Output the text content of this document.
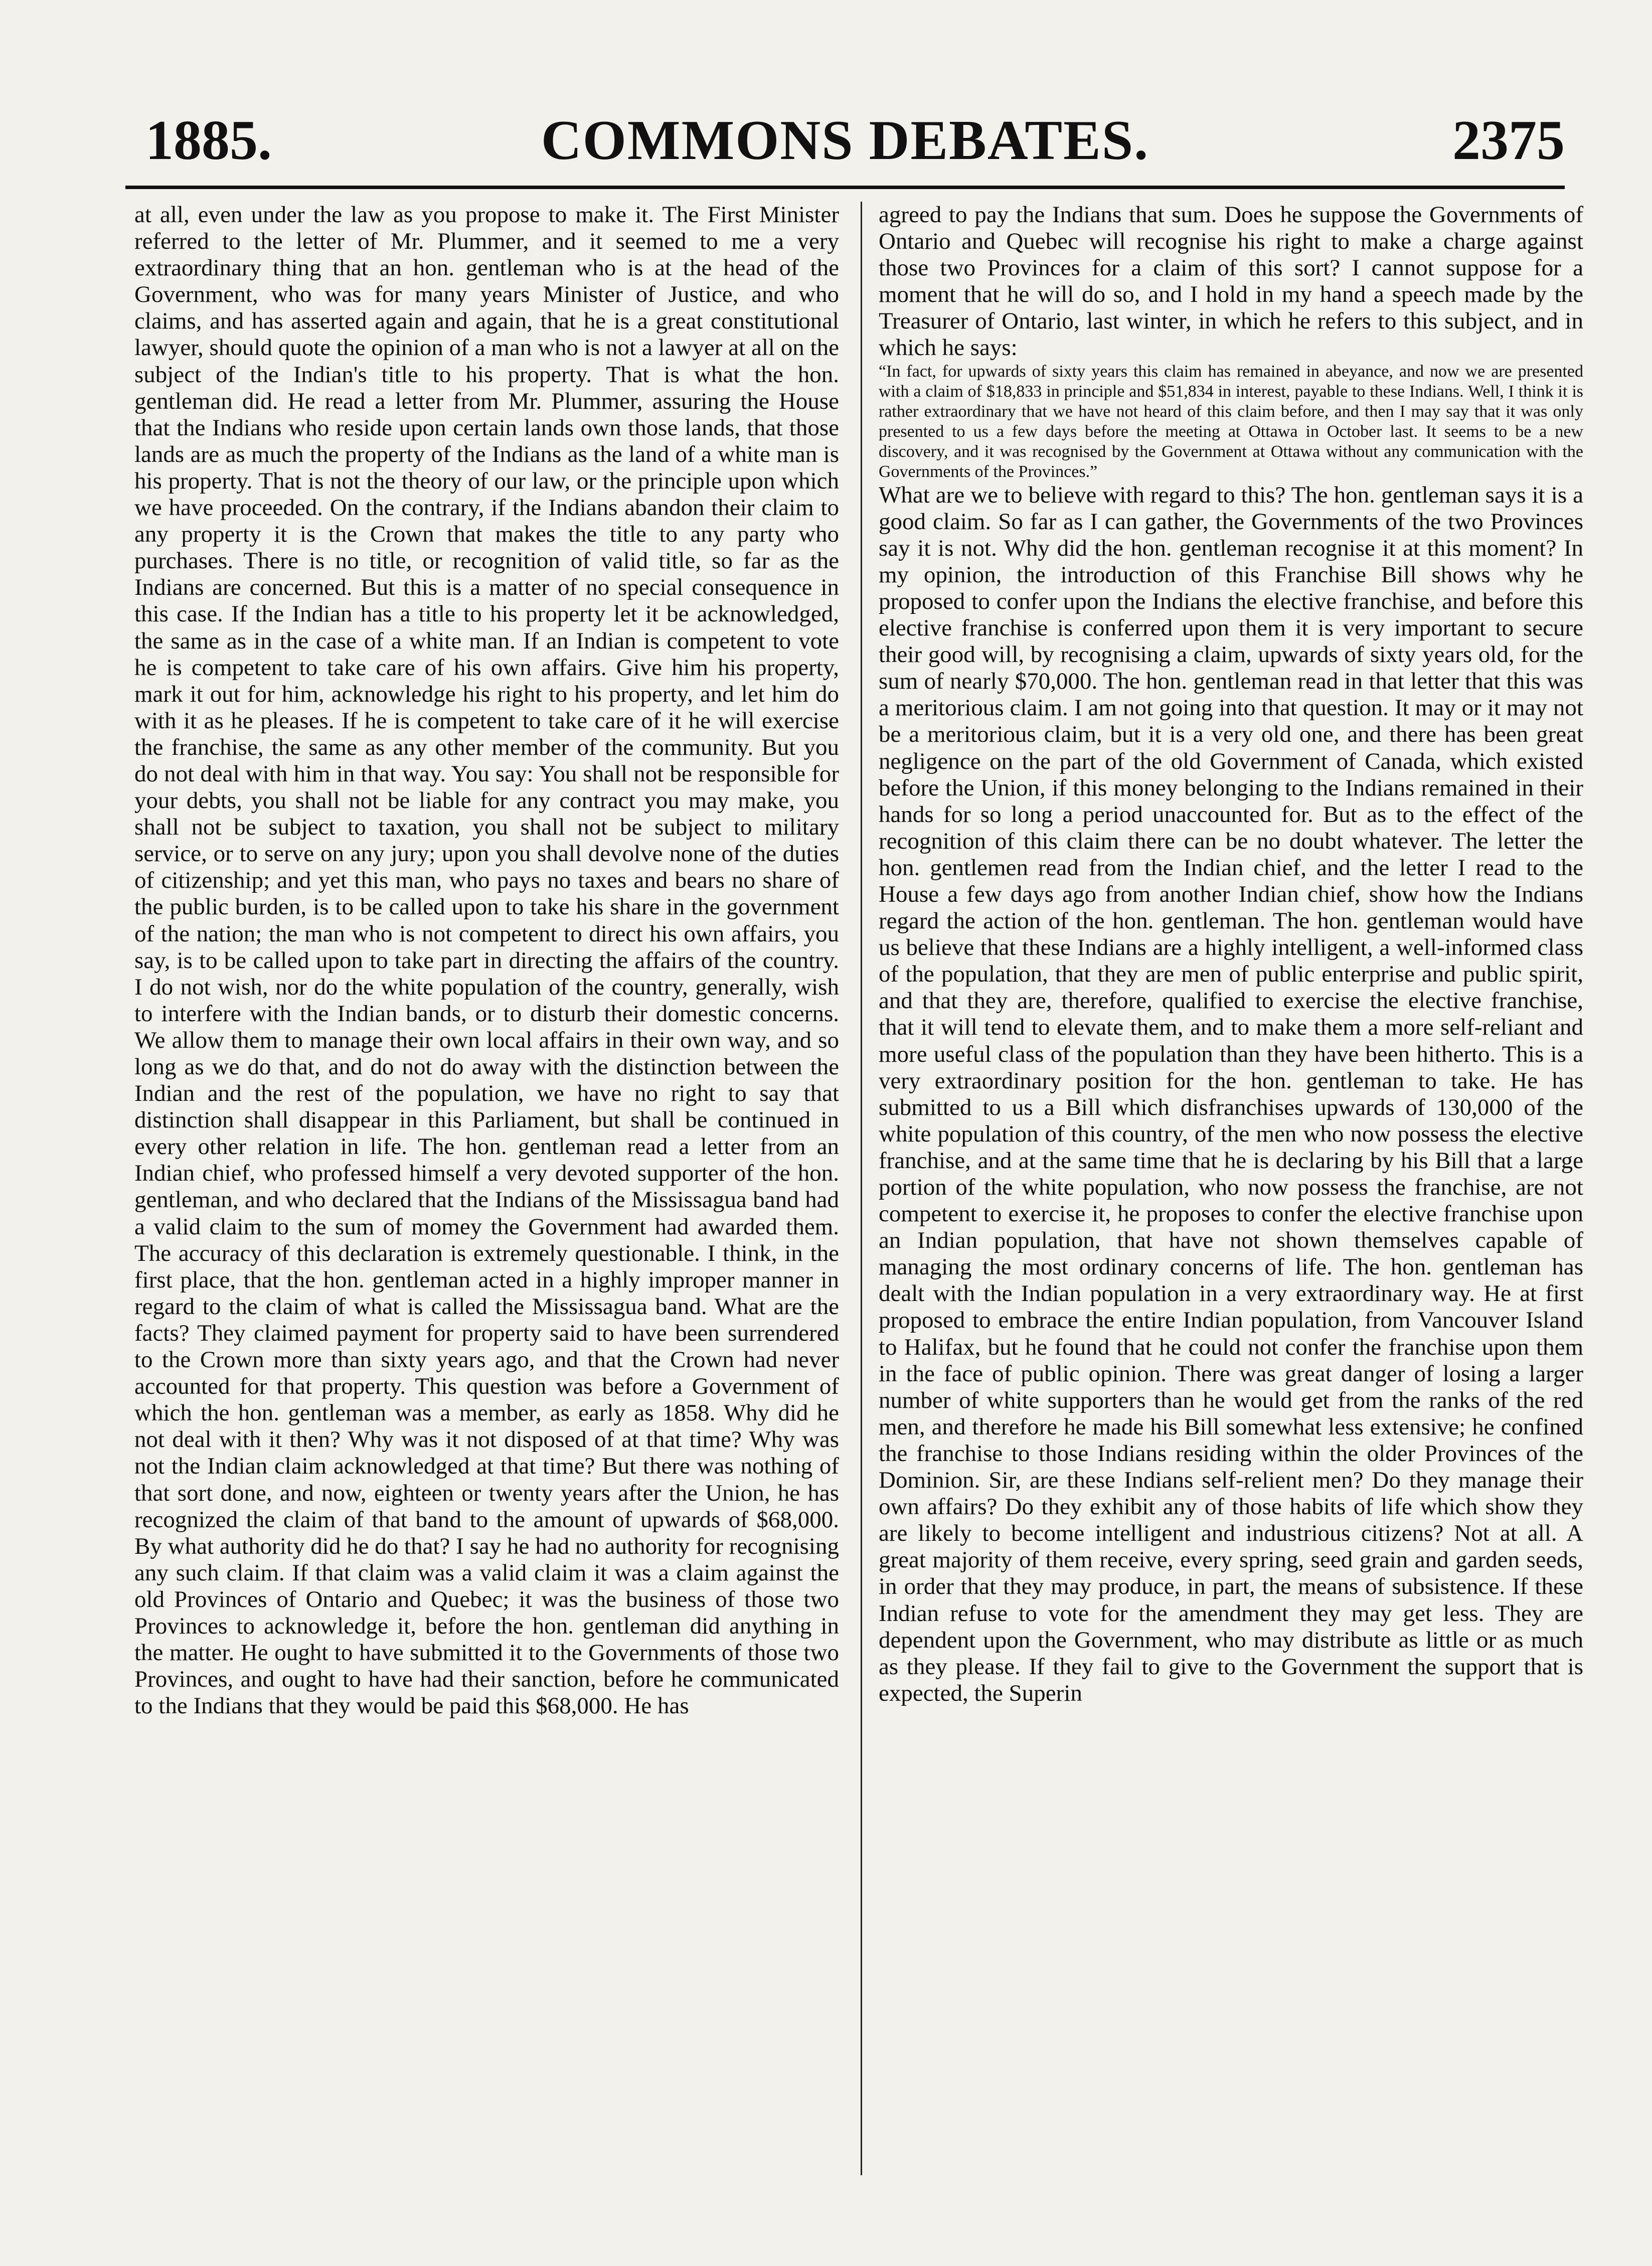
1885.	COMMONS DEBATES.	2375

at all, even under the law as you propose to make it. The First Minister referred to the letter of Mr. Plummer, and it seemed to me a very extraordinary thing that an hon. gentleman who is at the head of the Government, who was for many years Minister of Justice, and who claims, and has asserted again and again, that he is a great constitutional lawyer, should quote the opinion of a man who is not a lawyer at all on the subject of the Indian's title to his property. That is what the hon. gentleman did. He read a letter from Mr. Plummer, assuring the House that the Indians who reside upon certain lands own those lands, that those lands are as much the property of the Indians as the land of a white man is his property. That is not the theory of our law, or the principle upon which we have proceeded. On the contrary, if the Indians abandon their claim to any property it is the Crown that makes the title to any party who purchases. There is no title, or recognition of valid title, so far as the Indians are concerned. But this is a matter of no special consequence in this case. If the Indian has a title to his property let it be acknowledged, the same as in the case of a white man. If an Indian is competent to vote he is competent to take care of his own affairs. Give him his property, mark it out for him, acknowledge his right to his property, and let him do with it as he pleases. If he is competent to take care of it he will exercise the franchise, the same as any other member of the community. But you do not deal with him in that way. You say: You shall not be responsible for your debts, you shall not be liable for any contract you may make, you shall not be subject to taxation, you shall not be subject to military service, or to serve on any jury; upon you shall devolve none of the duties of citizenship; and yet this man, who pays no taxes and bears no share of the public burden, is to be called upon to take his share in the government of the nation; the man who is not competent to direct his own affairs, you say, is to be called upon to take part in directing the affairs of the country. I do not wish, nor do the white population of the country, generally, wish to interfere with the Indian bands, or to disturb their domestic concerns. We allow them to manage their own local affairs in their own way, and so long as we do that, and do not do away with the distinction between the Indian and the rest of the population, we have no right to say that distinction shall disappear in this Parliament, but shall be continued in every other relation in life. The hon. gentleman read a letter from an Indian chief, who professed himself a very devoted supporter of the hon. gentleman, and who declared that the Indians of the Mississagua band had a valid claim to the sum of momey the Government had awarded them. The accuracy of this declaration is extremely questionable. I think, in the first place, that the hon. gentleman acted in a highly improper manner in regard to the claim of what is called the Mississagua band. What are the facts? They claimed payment for property said to have been surrendered to the Crown more than sixty years ago, and that the Crown had never accounted for that property. This question was before a Government of which the hon. gentleman was a member, as early as 1858. Why did he not deal with it then? Why was it not disposed of at that time? Why was not the Indian claim acknowledged at that time? But there was nothing of that sort done, and now, eighteen or twenty years after the Union, he has recognized the claim of that band to the amount of upwards of $68,000. By what authority did he do that? I say he had no authority for recognising any such claim. If that claim was a valid claim it was a claim against the old Provinces of Ontario and Quebec; it was the business of those two Provinces to acknowledge it, before the hon. gentleman did anything in the matter. He ought to have submitted it to the Governments of those two Provinces, and ought to have had their sanction, before he communicated to the Indians that they would be paid this $68,000. He has

agreed to pay the Indians that sum. Does he suppose the Governments of Ontario and Quebec will recognise his right to make a charge against those two Provinces for a claim of this sort? I cannot suppose for a moment that he will do so, and I hold in my hand a speech made by the Treasurer of Ontario, last winter, in which he refers to this subject, and in which he says:

“In fact, for upwards of sixty years this claim has remained in abeyance, and now we are presented with a claim of $18,833 in principle and $51,834 in interest, payable to these Indians. Well, I think it is rather extraordinary that we have not heard of this claim before, and then I may say that it was only presented to us a few days before the meeting at Ottawa in October last. It seems to be a new discovery, and it was recognised by the Government at Ottawa without any communication with the Governments of the Provinces.”

What are we to believe with regard to this? The hon. gentleman says it is a good claim. So far as I can gather, the Governments of the two Provinces say it is not. Why did the hon. gentleman recognise it at this moment? In my opinion, the introduction of this Franchise Bill shows why he proposed to confer upon the Indians the elective franchise, and before this elective franchise is conferred upon them it is very important to secure their good will, by recognising a claim, upwards of sixty years old, for the sum of nearly $70,000. The hon. gentleman read in that letter that this was a meritorious claim. I am not going into that question. It may or it may not be a meritorious claim, but it is a very old one, and there has been great negligence on the part of the old Government of Canada, which existed before the Union, if this money belonging to the Indians remained in their hands for so long a period unaccounted for. But as to the effect of the recognition of this claim there can be no doubt whatever. The letter the hon. gentlemen read from the Indian chief, and the letter I read to the House a few days ago from another Indian chief, show how the Indians regard the action of the hon. gentleman. The hon. gentleman would have us believe that these Indians are a highly intelligent, a well-informed class of the population, that they are men of public enterprise and public spirit, and that they are, therefore, qualified to exercise the elective franchise, that it will tend to elevate them, and to make them a more self-reliant and more useful class of the population than they have been hitherto. This is a very extraordinary position for the hon. gentleman to take. He has submitted to us a Bill which disfranchises upwards of 130,000 of the white population of this country, of the men who now possess the elective franchise, and at the same time that he is declaring by his Bill that a large portion of the white population, who now possess the franchise, are not competent to exercise it, he proposes to confer the elective franchise upon an Indian population, that have not shown themselves capable of managing the most ordinary concerns of life. The hon. gentleman has dealt with the Indian population in a very extraordinary way. He at first proposed to embrace the entire Indian population, from Vancouver Island to Halifax, but he found that he could not confer the franchise upon them in the face of public opinion. There was great danger of losing a larger number of white supporters than he would get from the ranks of the red men, and therefore he made his Bill somewhat less extensive; he confined the franchise to those Indians residing within the older Provinces of the Dominion. Sir, are these Indians self-relient men? Do they manage their own affairs? Do they exhibit any of those habits of life which show they are likely to become intelligent and industrious citizens? Not at all. A great majority of them receive, every spring, seed grain and garden seeds, in order that they may produce, in part, the means of subsistence. If these Indian refuse to vote for the amendment they may get less. They are dependent upon the Government, who may distribute as little or as much as they please. If they fail to give to the Government the support that is expected, the Superin
